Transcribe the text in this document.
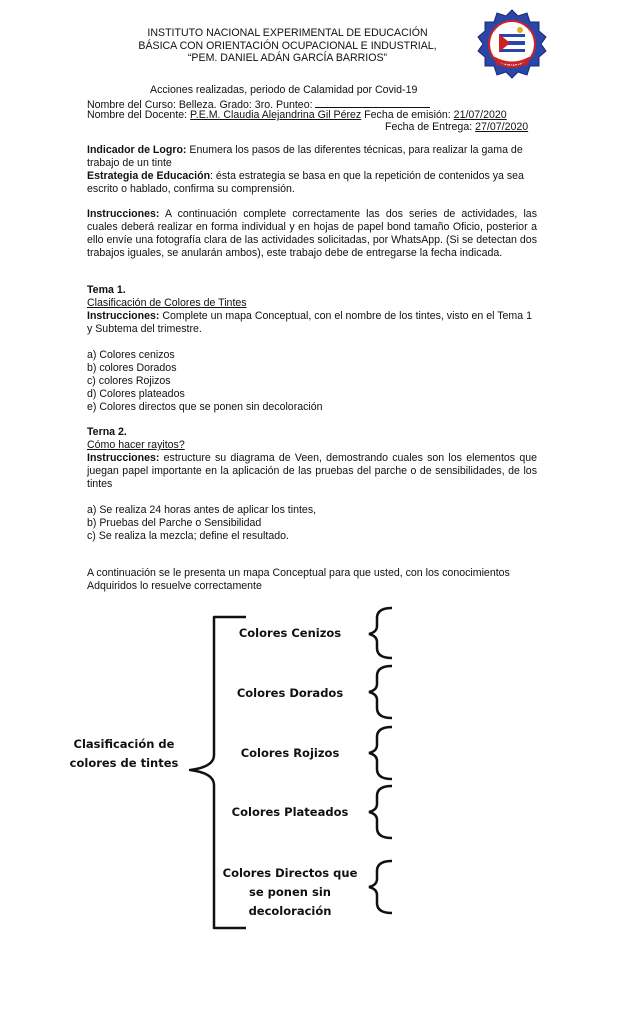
INSTITUTO NACIONAL EXPERIMENTAL DE EDUCACIÓN
BÁSICA CON ORIENTACIÓN OCUPACIONAL E INDUSTRIAL,
“PEM. DANIEL ADÁN GARCÍA BARRIOS”
INEEBOOIE
Acciones realizadas, periodo de Calamidad por Covid-19
Nombre del Curso: Belleza. Grado: 3ro. Punteo:
Nombre del Docente: P.E.M. Claudia Alejandrina Gil Pérez Fecha de emisión: 21/07/2020
Fecha de Entrega: 27/07/2020
Indicador de Logro: Enumera los pasos de las diferentes técnicas, para realizar la gama de trabajo de un tinte
Estrategia de Educación: ésta estrategia se basa en que la repetición de contenidos ya sea escrito o hablado, confirma su comprensión.
Instrucciones: A continuación complete correctamente las dos series de actividades, las cuales deberá realizar en forma individual y en hojas de papel bond tamaño Oficio, posterior a ello envíe una fotografía clara de las actividades solicitadas, por WhatsApp. (Si se detectan dos trabajos iguales, se anularán ambos), este trabajo debe de entregarse la fecha indicada.
Tema 1.
Clasificación de Colores de Tintes
Instrucciones: Complete un mapa Conceptual, con el nombre de los tintes, visto en el Tema 1 y Subtema del trimestre.
a) Colores cenizos
b) colores Dorados
c) colores Rojizos
d) Colores plateados
e) Colores directos que se ponen sin decoloración
Terna 2.
Cómo hacer rayitos?
Instrucciones: estructure su diagrama de Veen, demostrando cuales son los elementos que juegan papel importante en la aplicación de las pruebas del parche o de sensibilidades, de los tintes
a) Se realiza 24 horas antes de aplicar los tintes,
b) Pruebas del Parche o Sensibilidad
c) Se realiza la mezcla; define el resultado.
A continuación se le presenta un mapa Conceptual para que usted, con los conocimientos Adquiridos lo resuelve correctamente
Clasificación de
colores de tintes
Colores Cenizos
Colores Dorados
Colores Rojizos
Colores Plateados
Colores Directos que
se ponen sin
decoloración
